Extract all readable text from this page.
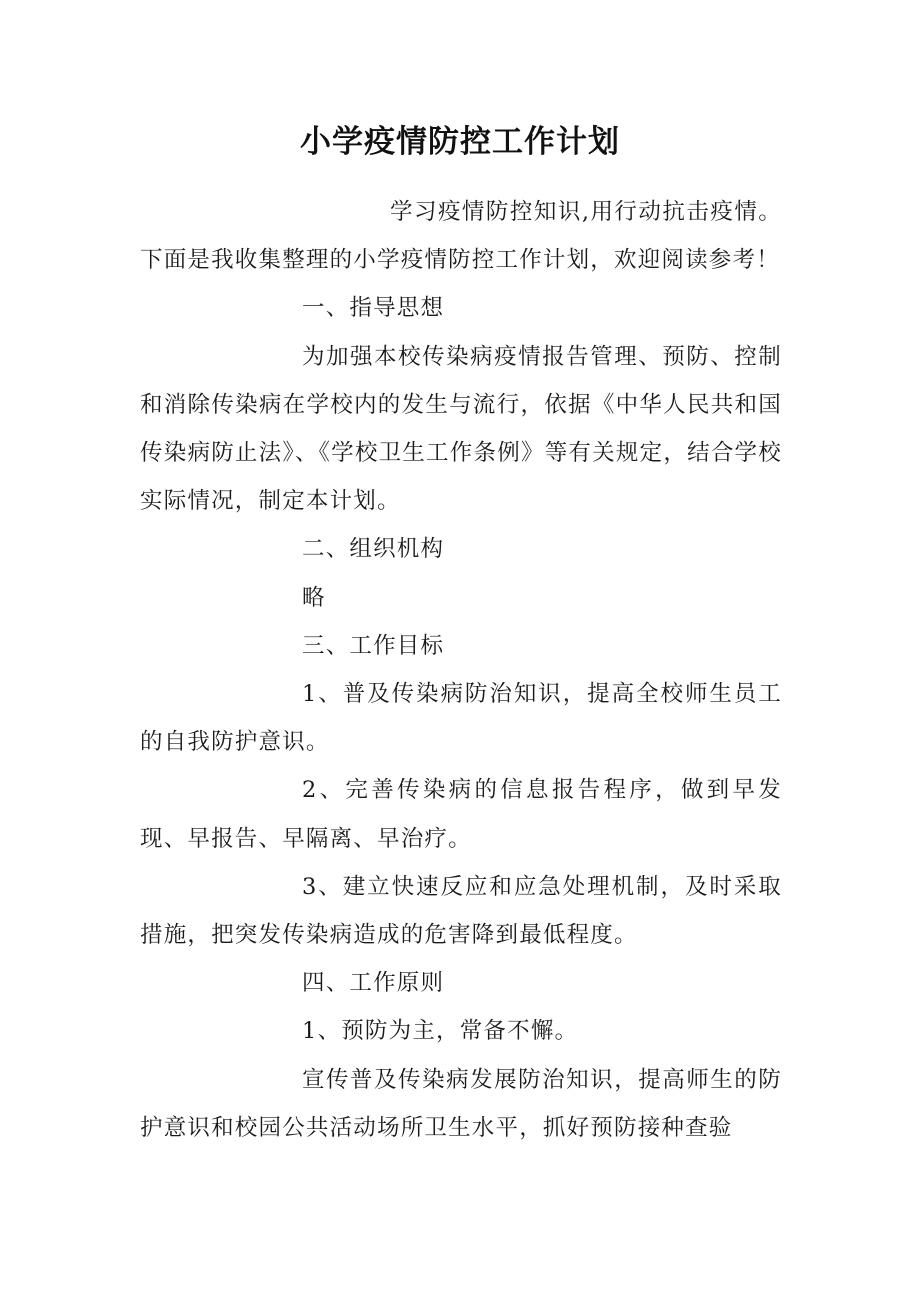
小学疫情防控工作计划

学习疫情防控知识,用行动抗击疫情。下面是我收集整理的小学疫情防控工作计划，欢迎阅读参考！

一、指导思想

为加强本校传染病疫情报告管理、预防、控制和消除传染病在学校内的发生与流行，依据《中华人民共和国传染病防止法》、《学校卫生工作条例》等有关规定，结合学校实际情况，制定本计划。

二、组织机构

略

三、工作目标

1、普及传染病防治知识，提高全校师生员工的自我防护意识。

2、完善传染病的信息报告程序，做到早发现、早报告、早隔离、早治疗。

3、建立快速反应和应急处理机制，及时采取措施，把突发传染病造成的危害降到最低程度。

四、工作原则

1、预防为主，常备不懈。

宣传普及传染病发展防治知识，提高师生的防护意识和校园公共活动场所卫生水平，抓好预防接种查验
